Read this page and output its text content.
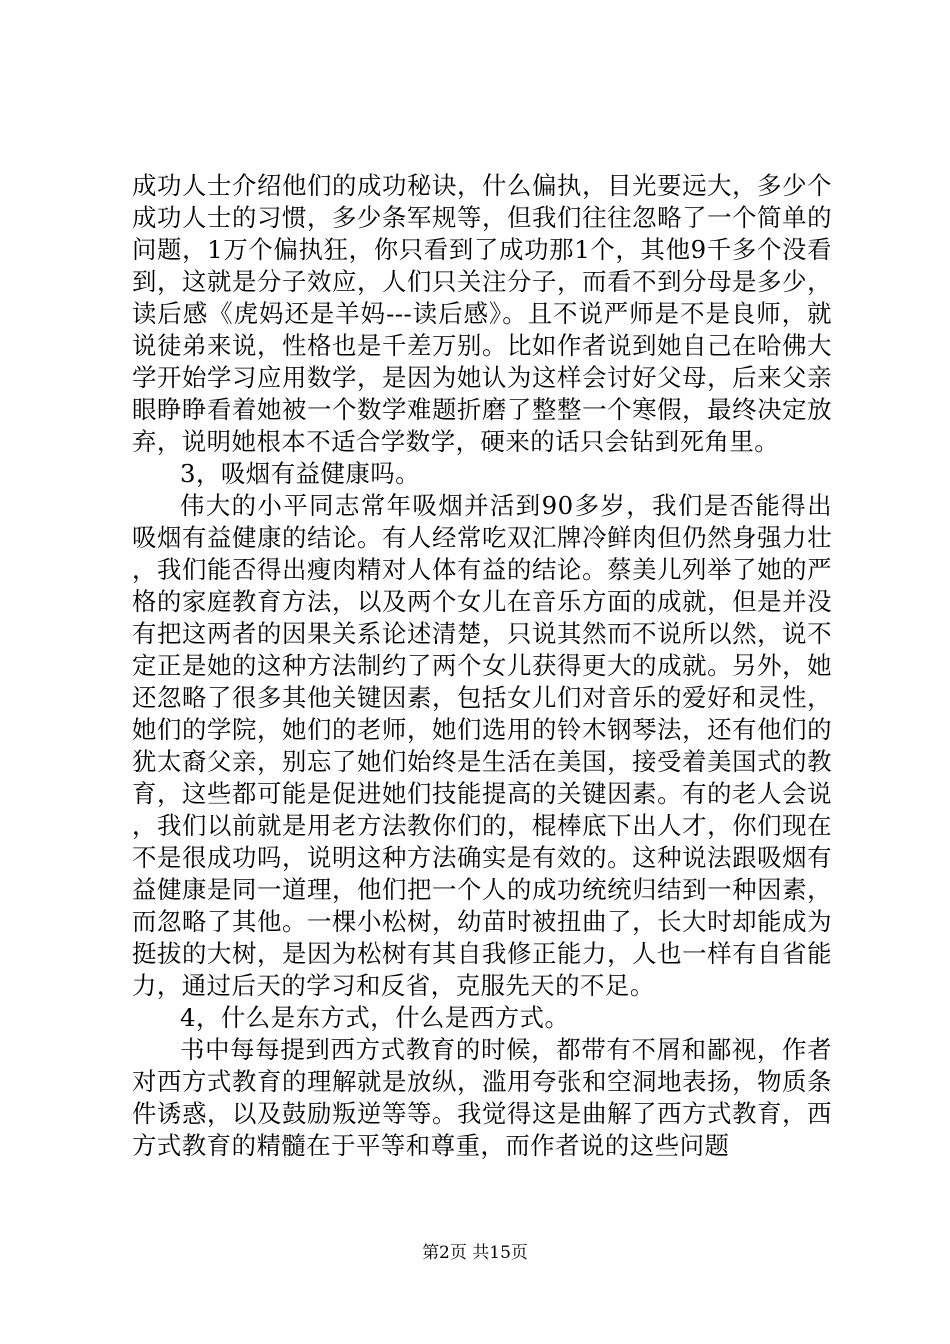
成功人士介绍他们的成功秘诀，什么偏执，目光要远大，多少个成功人士的习惯，多少条军规等，但我们往往忽略了一个简单的问题，1万个偏执狂，你只看到了成功那1个，其他9千多个没看到，这就是分子效应，人们只关注分子，而看不到分母是多少，读后感《虎妈还是羊妈---读后感》。且不说严师是不是良师，就说徒弟来说，性格也是千差万别。比如作者说到她自己在哈佛大学开始学习应用数学，是因为她认为这样会讨好父母，后来父亲眼睁睁看着她被一个数学难题折磨了整整一个寒假，最终决定放弃，说明她根本不适合学数学，硬来的话只会钻到死角里。

3，吸烟有益健康吗。

伟大的小平同志常年吸烟并活到90多岁，我们是否能得出吸烟有益健康的结论。有人经常吃双汇牌冷鲜肉但仍然身强力壮，我们能否得出瘦肉精对人体有益的结论。蔡美儿列举了她的严格的家庭教育方法，以及两个女儿在音乐方面的成就，但是并没有把这两者的因果关系论述清楚，只说其然而不说所以然，说不定正是她的这种方法制约了两个女儿获得更大的成就。另外，她还忽略了很多其他关键因素，包括女儿们对音乐的爱好和灵性，她们的学院，她们的老师，她们选用的铃木钢琴法，还有他们的犹太裔父亲，别忘了她们始终是生活在美国，接受着美国式的教育，这些都可能是促进她们技能提高的关键因素。有的老人会说，我们以前就是用老方法教你们的，棍棒底下出人才，你们现在不是很成功吗，说明这种方法确实是有效的。这种说法跟吸烟有益健康是同一道理，他们把一个人的成功统统归结到一种因素，而忽略了其他。一棵小松树，幼苗时被扭曲了，长大时却能成为挺拔的大树，是因为松树有其自我修正能力，人也一样有自省能力，通过后天的学习和反省，克服先天的不足。

4，什么是东方式，什么是西方式。

书中每每提到西方式教育的时候，都带有不屑和鄙视，作者对西方式教育的理解就是放纵，滥用夸张和空洞地表扬，物质条件诱惑，以及鼓励叛逆等等。我觉得这是曲解了西方式教育，西方式教育的精髓在于平等和尊重，而作者说的这些问题

第2页 共15页
